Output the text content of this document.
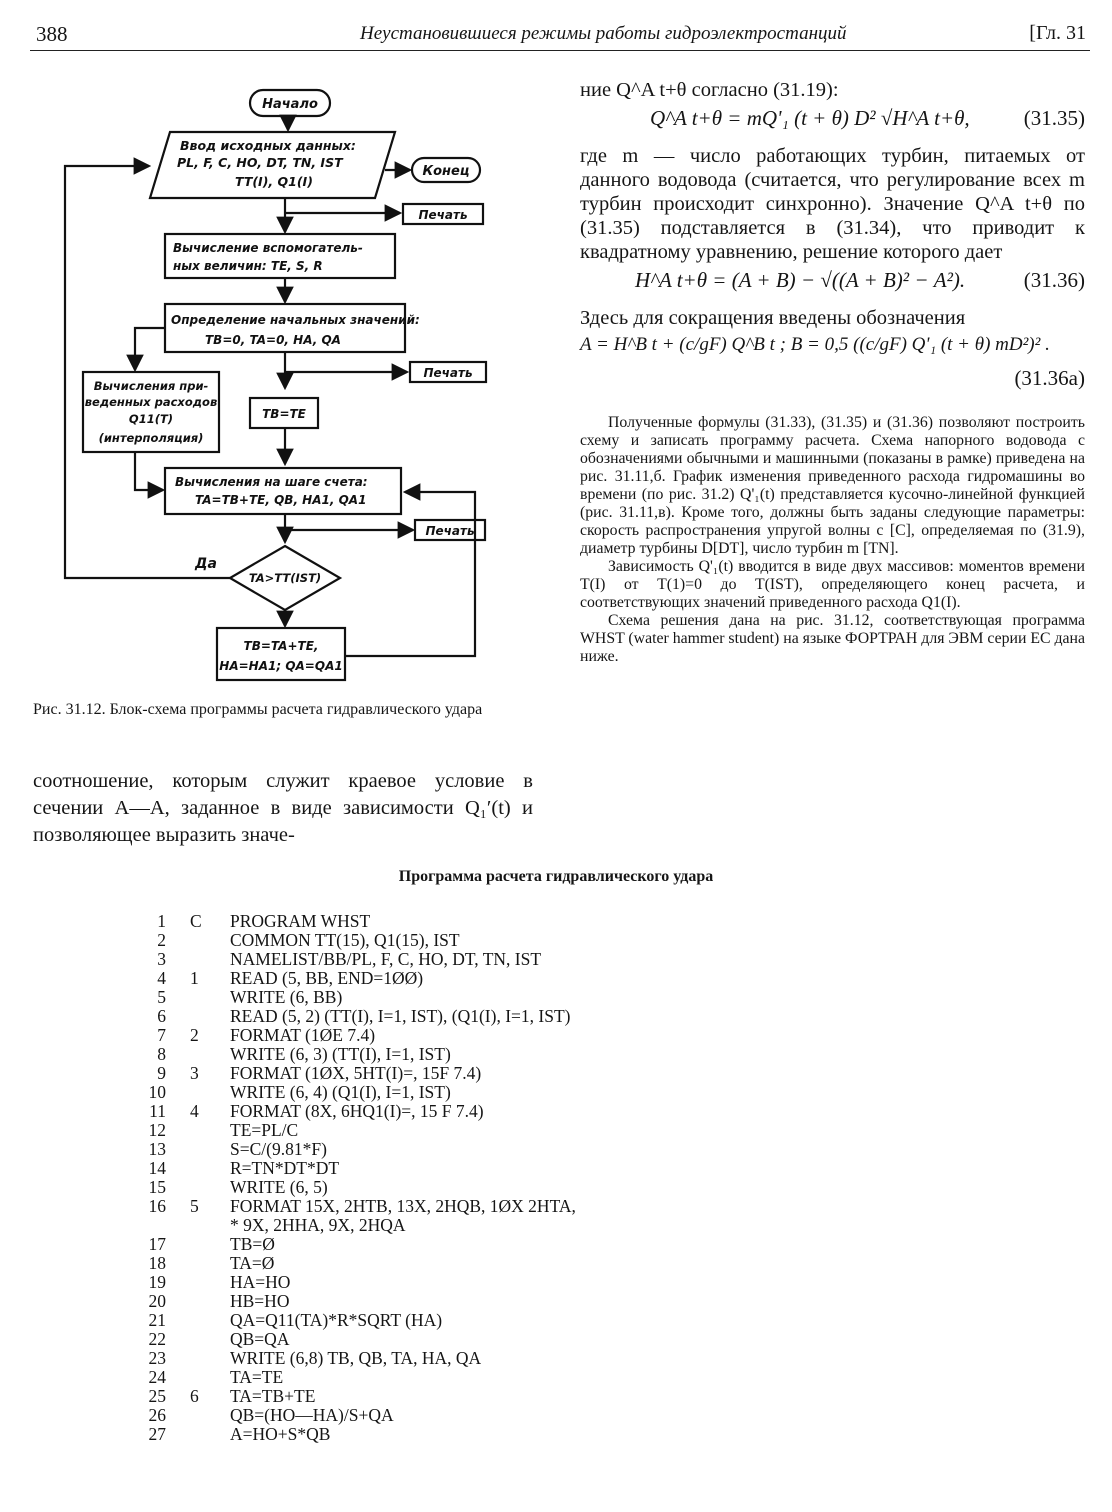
388	Неустановившиеся режимы работы гидроэлектростанций	[Гл. 31
Начало
Конец
Ввод исходных данных:
PL, F, C, HO, DT, TN, IST
TT(I), Q1(I)
Печать
Вычисление вспомогатель-
ных величин: TE, S, R
Определение начальных значений:
TB=0, TA=0, HA, QA
Печать
TB=TE
Вычисления при-
веденных расходов
Q11(T)
(интерполяция)
Вычисления на шаге счета:
TA=TB+TE, QB, HA1, QA1
Печать
TA>TT(IST)
Да
TB=TA+TE,
HA=HA1; QA=QA1
Рис. 31.12. Блок-схема программы расчета гидравлического удара

соотношение, которым служит краевое условие в сечении A—A, заданное в виде зависимости Q₁′(t) и позволяющее выразить значе-

ние Q^A t+θ согласно (31.19):

Q^A t+θ = mQ'₁ (t + θ) D² √H^A t+θ,	(31.35)

где m — число работающих турбин, питаемых от данного водовода (считается, что регулирование всех m турбин происходит синхронно). Значение Q^A t+θ по (31.35) подставляется в (31.34), что приводит к квадратному уравнению, решение которого дает

H^A t+θ = (A + B) − √((A + B)² − A²).	(31.36)

Здесь для сокращения введены обозначения

A = H^B t + (c/gF) Q^B t ; B = 0,5 ((c/gF) Q'₁ (t + θ) mD²)² .
(31.36а)

Полученные формулы (31.33), (31.35) и (31.36) позволяют построить схему и записать программу расчета. Схема напорного водовода с обозначениями обычными и машинными (показаны в рамке) приведена на рис. 31.11,б. График изменения приведенного расхода гидромашины во времени (по рис. 31.2) Q'₁(t) представляется кусочно-линейной функцией (рис. 31.11,в). Кроме того, должны быть заданы следующие параметры: скорость распространения упругой волны c [C], определяемая по (31.9), диаметр турбины D[DT], число турбин m [TN].

Зависимость Q'₁(t) вводится в виде двух массивов: моментов времени T(I) от T(1)=0 до T(IST), определяющего конец расчета, и соответствующих значений приведенного расхода Q1(I).

Схема решения дана на рис. 31.12, соответствующая программа WHST (water hammer student) на языке ФОРТРАН для ЭВМ серии ЕС дана ниже.

Программа расчета гидравлического удара
1 C	PROGRAM WHST
2	COMMON TT(15), Q1(15), IST
3	NAMELIST/BB/PL, F, C, HO, DT, TN, IST
4 1	READ (5, BB, END=1ØØ)
5	WRITE (6, BB)
6	READ (5, 2) (TT(I), I=1, IST), (Q1(I), I=1, IST)
7 2	FORMAT (1ØE 7.4)
8	WRITE (6, 3) (TT(I), I=1, IST)
9 3	FORMAT (1ØX, 5HT(I)=, 15F 7.4)
10	WRITE (6, 4) (Q1(I), I=1, IST)
11 4	FORMAT (8X, 6HQ1(I)=, 15 F 7.4)
12	TE=PL/C
13	S=C/(9.81*F)
14	R=TN*DT*DT
15	WRITE (6, 5)
16 5	FORMAT 15X, 2HTB, 13X, 2HQB, 1ØX 2HTA,
* 9X, 2HHA, 9X, 2HQA
17	TB=Ø
18	TA=Ø
19	HA=HO
20	HB=HO
21	QA=Q11(TA)*R*SQRT (HA)
22	QB=QA
23	WRITE (6,8) TB, QB, TA, HA, QA
24	TA=TE
25 6	TA=TB+TE
26	QB=(HO—HA)/S+QA
27	A=HO+S*QB
